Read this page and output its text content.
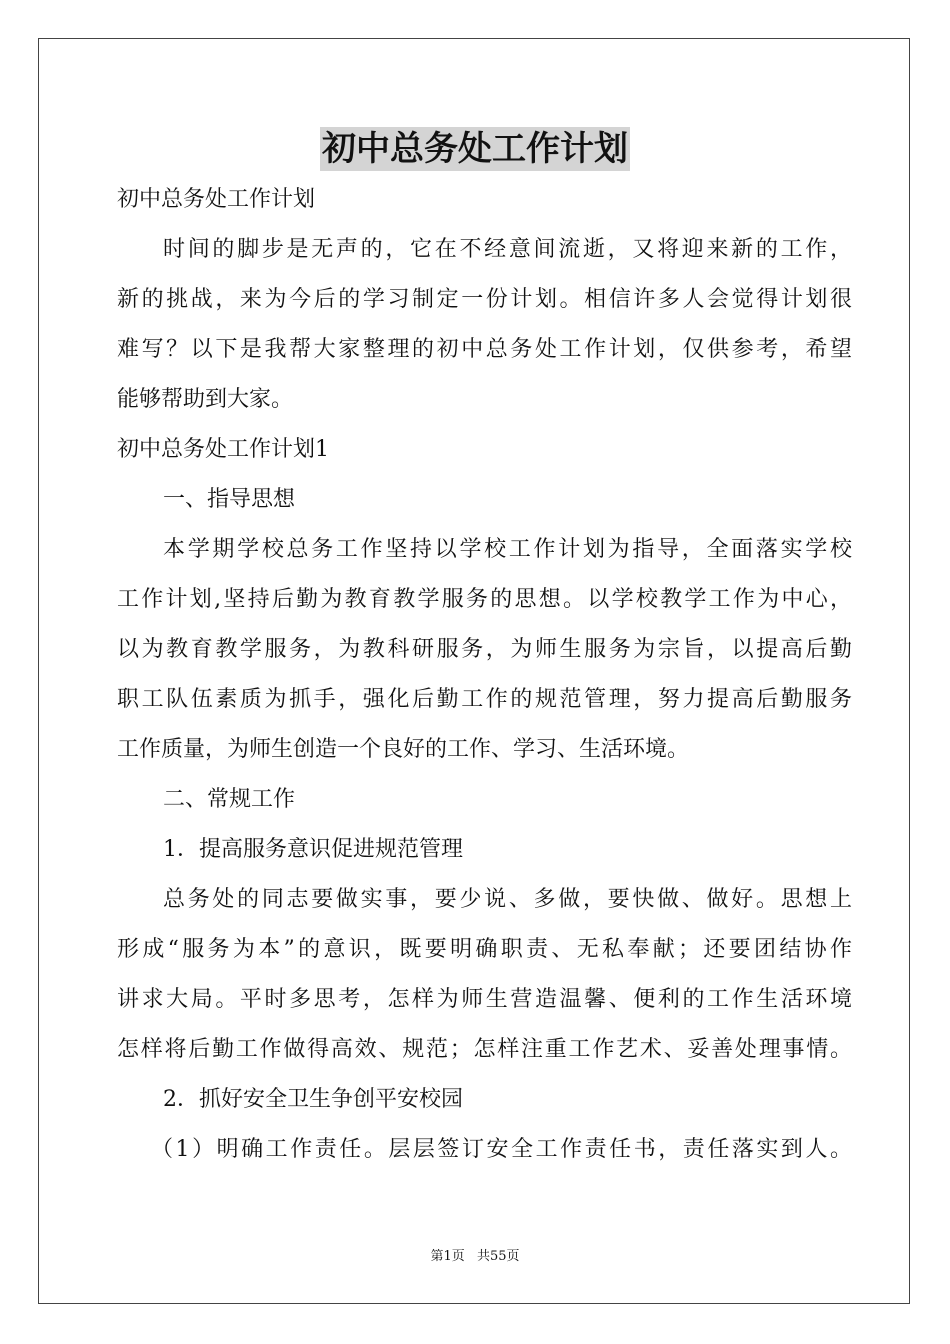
初中总务处工作计划
初中总务处工作计划
时间的脚步是无声的，它在不经意间流逝，又将迎来新的工作，
新的挑战，来为今后的学习制定一份计划。相信许多人会觉得计划很
难写？以下是我帮大家整理的初中总务处工作计划，仅供参考，希望
能够帮助到大家。
初中总务处工作计划1
一、指导思想
本学期学校总务工作坚持以学校工作计划为指导，全面落实学校
工作计划,坚持后勤为教育教学服务的思想。以学校教学工作为中心，
以为教育教学服务，为教科研服务，为师生服务为宗旨，以提高后勤
职工队伍素质为抓手，强化后勤工作的规范管理，努力提高后勤服务
工作质量，为师生创造一个良好的工作、学习、生活环境。
二、常规工作
1．提高服务意识促进规范管理
总务处的同志要做实事，要少说、多做，要快做、做好。思想上
形成“服务为本”的意识，既要明确职责、无私奉献；还要团结协作
讲求大局。平时多思考，怎样为师生营造温馨、便利的工作生活环境
怎样将后勤工作做得高效、规范；怎样注重工作艺术、妥善处理事情。
2．抓好安全卫生争创平安校园
（1）明确工作责任。层层签订安全工作责任书，责任落实到人。
第1页 共55页
